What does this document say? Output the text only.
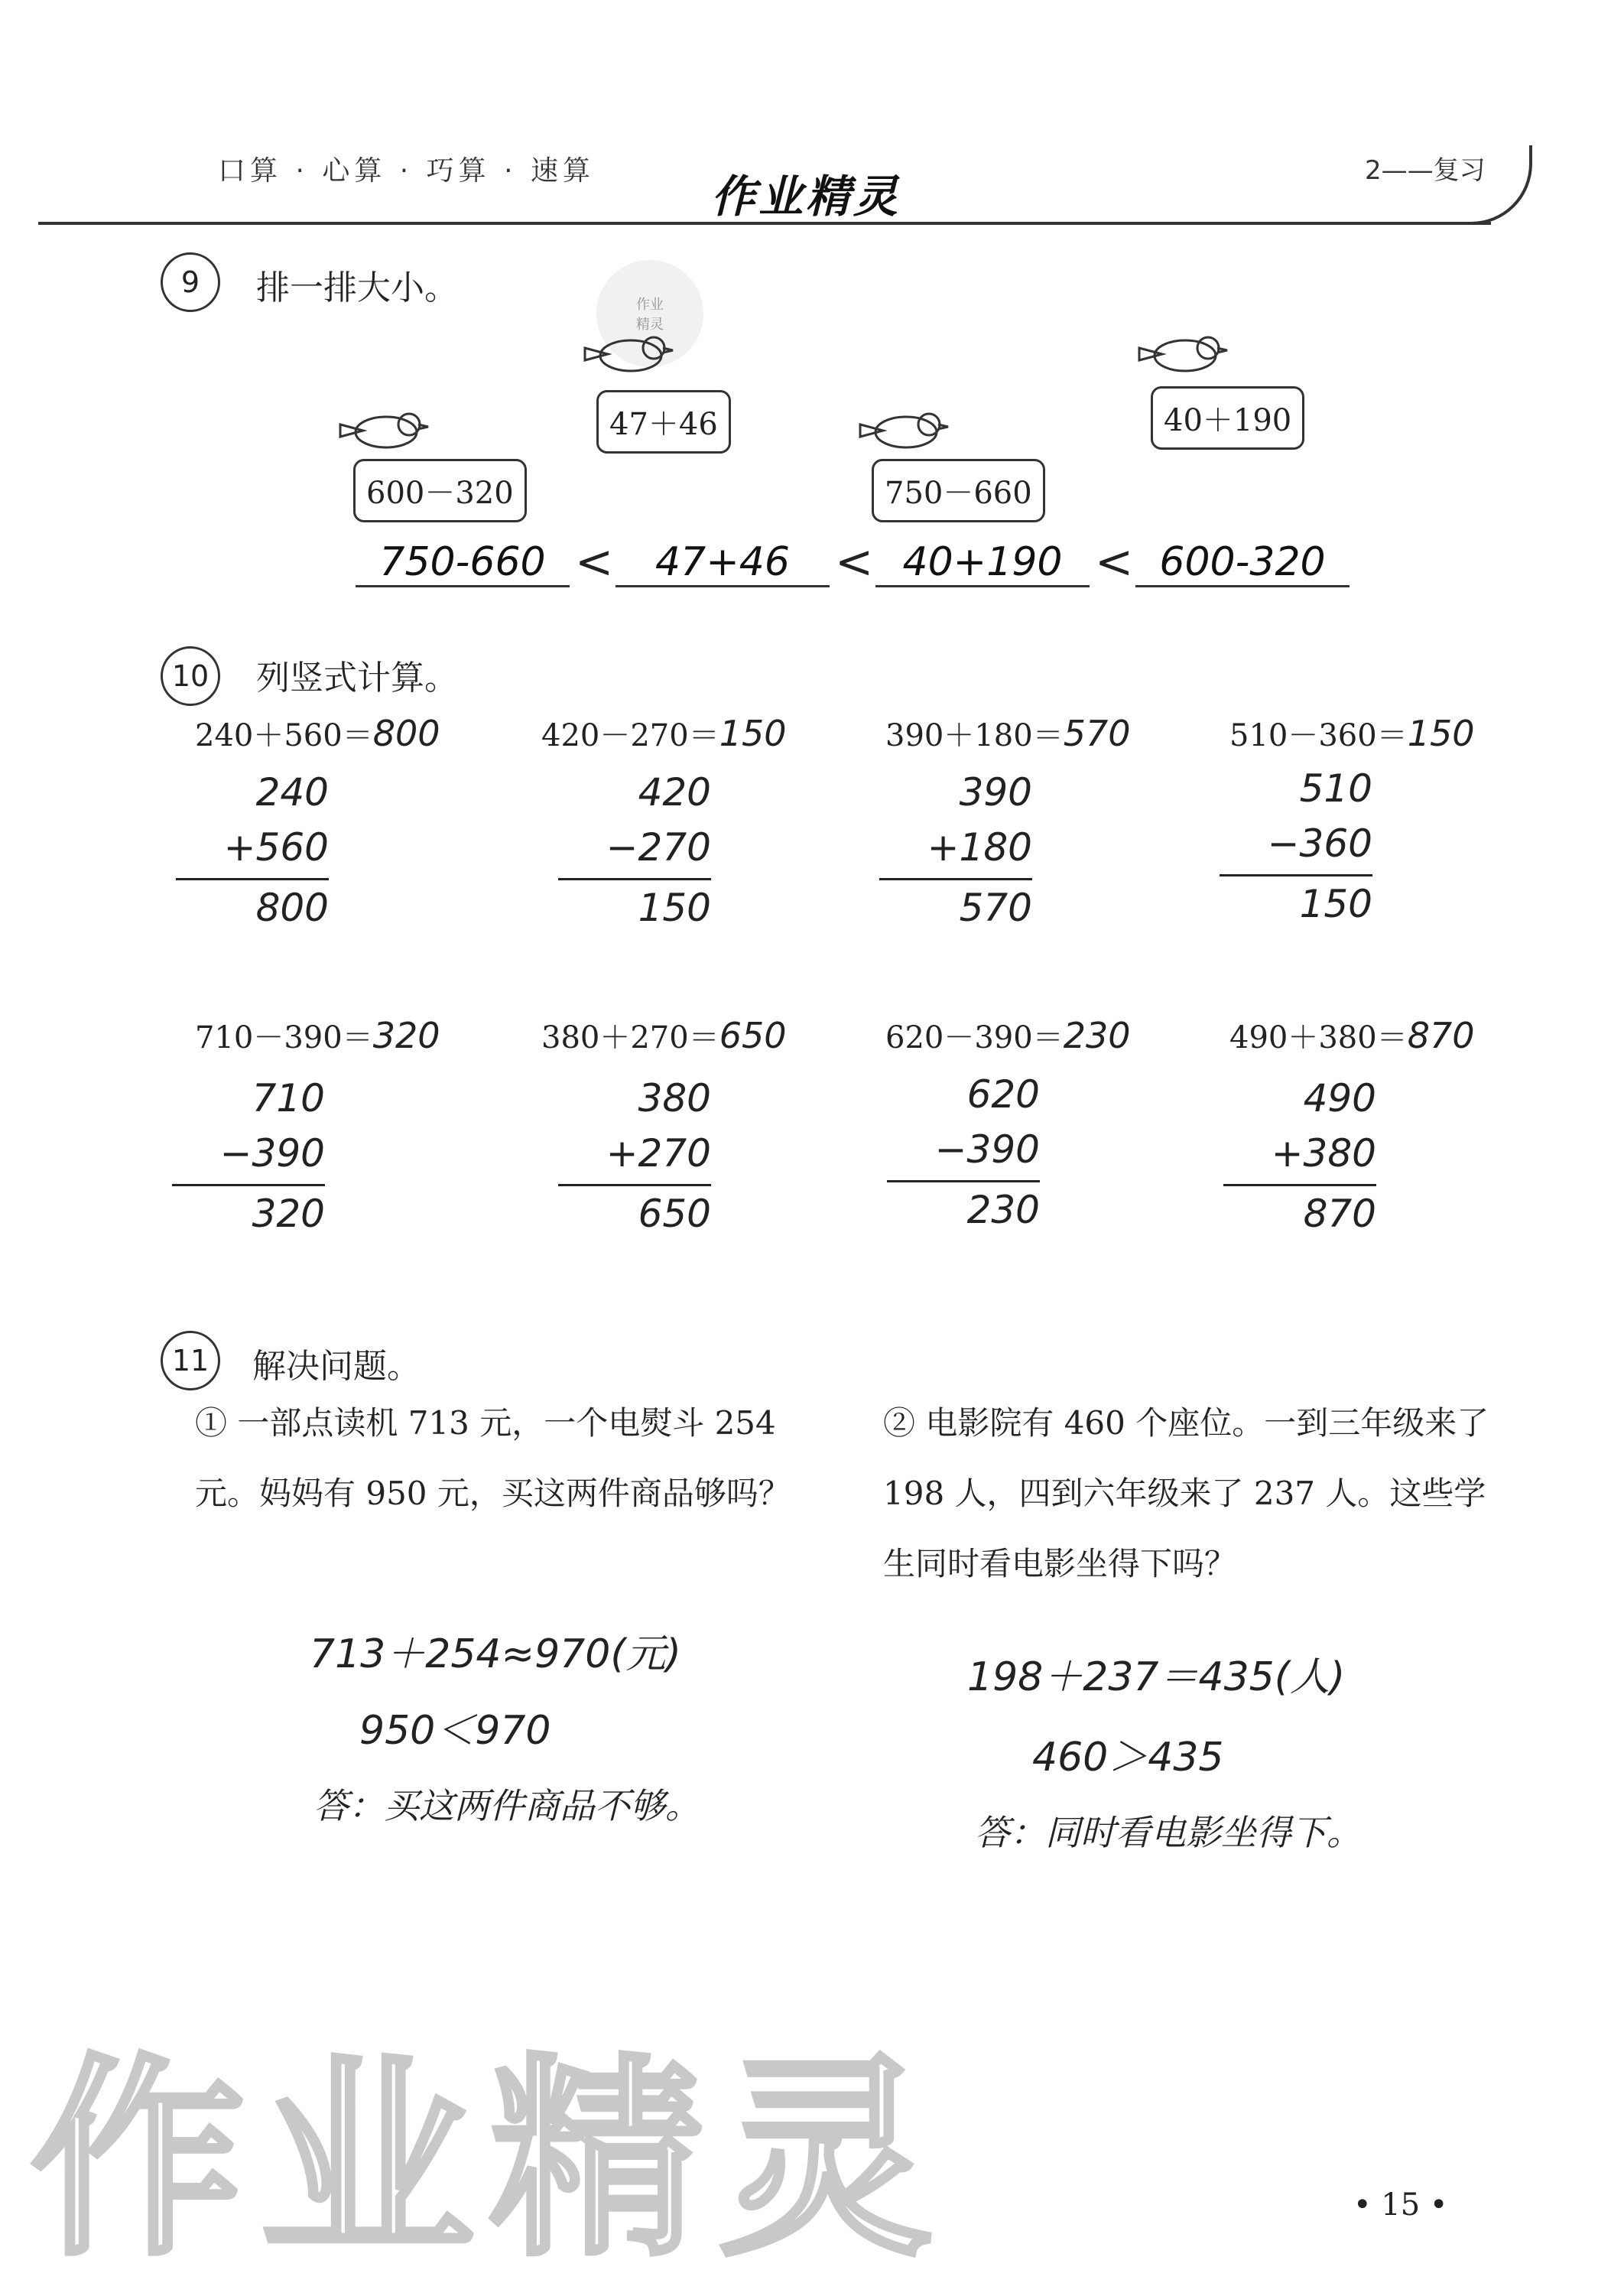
口算 · 心算 · 巧算 · 速算	作业精灵	2——复习
9	排一排大小。	作业
精灵
47＋46	40＋190
600－320	750－660
750-660 <	47+46 < 40+190 < 600-320
10	列竖式计算。
240＋560＝800
240
+560
800
420－270＝150
420
−270
150
390＋180＝570
390
+180
570
510－360＝150
510
−360
150
710－390＝320
710
−390
320
380＋270＝650
380
+270
650
620－390＝230
620
−390
230
490＋380＝870
490
+380
870
11	解决问题。
① 一部点读机 713 元，一个电熨斗 254 元。妈妈有 950 元，买这两件商品够吗？
713＋254≈970(元)
950＜970
答：买这两件商品不够。
② 电影院有 460 个座位。一到三年级来了 198 人，四到六年级来了 237 人。这些学生同时看电影坐得下吗？
198＋237＝435(人)
460＞435
答：同时看电影坐得下。
作业精灵	• 15 •
